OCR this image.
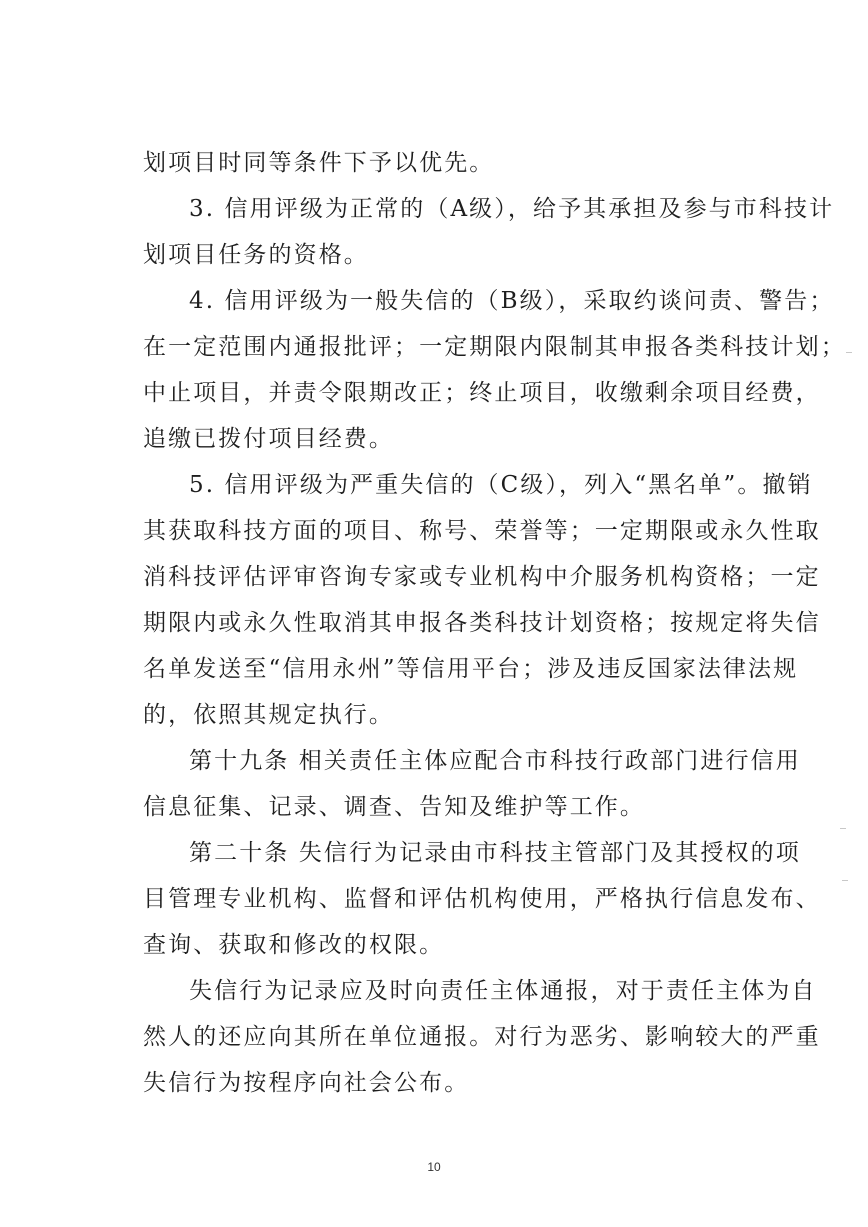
划项目时同等条件下予以优先。
3. 信用评级为正常的（A级），给予其承担及参与市科技计
划项目任务的资格。
4. 信用评级为一般失信的（B级），采取约谈问责、警告；
在一定范围内通报批评；一定期限内限制其申报各类科技计划；
中止项目，并责令限期改正；终止项目，收缴剩余项目经费，
追缴已拨付项目经费。
5. 信用评级为严重失信的（C级），列入“黑名单”。撤销
其获取科技方面的项目、称号、荣誉等；一定期限或永久性取
消科技评估评审咨询专家或专业机构中介服务机构资格；一定
期限内或永久性取消其申报各类科技计划资格；按规定将失信
名单发送至“信用永州”等信用平台；涉及违反国家法律法规
的，依照其规定执行。
第十九条 相关责任主体应配合市科技行政部门进行信用
信息征集、记录、调查、告知及维护等工作。
第二十条 失信行为记录由市科技主管部门及其授权的项
目管理专业机构、监督和评估机构使用，严格执行信息发布、
查询、获取和修改的权限。
失信行为记录应及时向责任主体通报，对于责任主体为自
然人的还应向其所在单位通报。对行为恶劣、影响较大的严重
失信行为按程序向社会公布。
10
